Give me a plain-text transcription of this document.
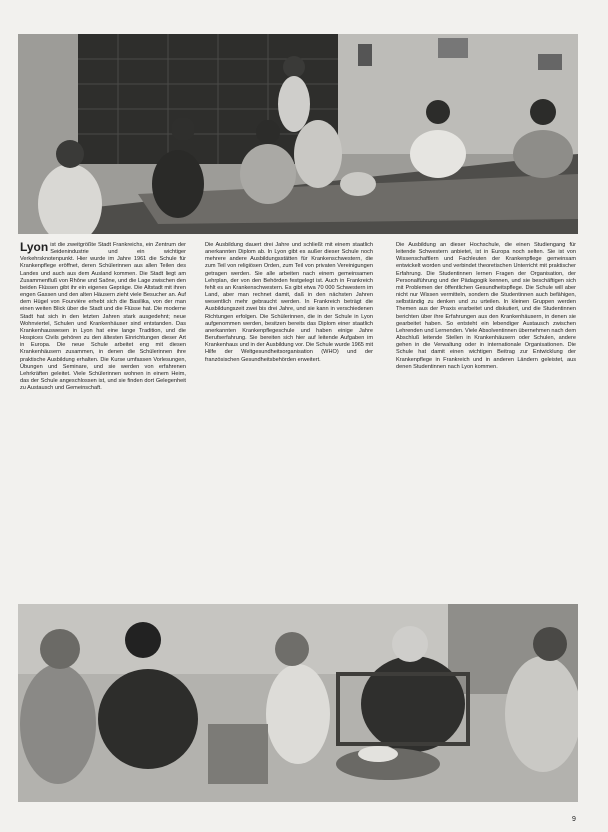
Lyon ist die zweitgrößte Stadt Frankreichs, ein Zentrum der Seidenindustrie und ein wichtiger Verkehrsknotenpunkt. Hier wurde im Jahre 1961 die Schule für Krankenpflege eröffnet, deren Schülerinnen aus allen Teilen des Landes und auch aus dem Ausland kommen. Die Stadt liegt am Zusammenfluß von Rhône und Saône, und die Lage zwischen den beiden Flüssen gibt ihr ein eigenes Gepräge. Die Altstadt mit ihren engen Gassen und den alten Häusern zieht viele Besucher an. Auf dem Hügel von Fourvière erhebt sich die Basilika, von der man einen weiten Blick über die Stadt und die Flüsse hat. Die moderne Stadt hat sich in den letzten Jahren stark ausgedehnt; neue Wohnviertel, Schulen und Krankenhäuser sind entstanden. Das Krankenhauswesen in Lyon hat eine lange Tradition, und die Hospices Civils gehören zu den ältesten Einrichtungen dieser Art in Europa. Die neue Schule arbeitet eng mit diesen Krankenhäusern zusammen, in denen die Schülerinnen ihre praktische Ausbildung erhalten. Die Kurse umfassen Vorlesungen, Übungen und Seminare, und sie werden von erfahrenen Lehrkräften geleitet. Viele Schülerinnen wohnen in einem Heim, das der Schule angeschlossen ist, und sie finden dort Gelegenheit zu Austausch und Gemeinschaft.

Die Ausbildung dauert drei Jahre und schließt mit einem staatlich anerkannten Diplom ab. In Lyon gibt es außer dieser Schule noch mehrere andere Ausbildungsstätten für Krankenschwestern, die zum Teil von religiösen Orden, zum Teil von privaten Vereinigungen getragen werden. Sie alle arbeiten nach einem gemeinsamen Lehrplan, der von den Behörden festgelegt ist. Auch in Frankreich fehlt es an Krankenschwestern. Es gibt etwa 70 000 Schwestern im Land, aber man rechnet damit, daß in den nächsten Jahren wesentlich mehr gebraucht werden. In Frankreich beträgt die Ausbildungszeit zwei bis drei Jahre, und sie kann in verschiedenen Richtungen erfolgen. Die Schülerinnen, die in der Schule in Lyon aufgenommen werden, besitzen bereits das Diplom einer staatlich anerkannten Krankenpflegeschule und haben einige Jahre Berufserfahrung. Sie bereiten sich hier auf leitende Aufgaben im Krankenhaus und in der Ausbildung vor. Die Schule wurde 1965 mit Hilfe der Weltgesundheitsorganisation (WHO) und der französischen Gesundheitsbehörden erweitert.

Die Ausbildung an dieser Hochschule, die einen Studiengang für leitende Schwestern anbietet, ist in Europa noch selten. Sie ist von Wissenschaftlern und Fachleuten der Krankenpflege gemeinsam entwickelt worden und verbindet theoretischen Unterricht mit praktischer Erfahrung. Die Studentinnen lernen Fragen der Organisation, der Personalführung und der Pädagogik kennen, und sie beschäftigen sich mit Problemen der öffentlichen Gesundheitspflege. Die Schule will aber nicht nur Wissen vermitteln, sondern die Studentinnen auch befähigen, selbständig zu denken und zu urteilen. In kleinen Gruppen werden Themen aus der Praxis erarbeitet und diskutiert, und die Studentinnen berichten über ihre Erfahrungen aus den Krankenhäusern, in denen sie gearbeitet haben. So entsteht ein lebendiger Austausch zwischen Lehrenden und Lernenden. Viele Absolventinnen übernehmen nach dem Abschluß leitende Stellen in Krankenhäusern oder Schulen, andere gehen in die Verwaltung oder in internationale Organisationen. Die Schule hat damit einen wichtigen Beitrag zur Entwicklung der Krankenpflege in Frankreich und in anderen Ländern geleistet, aus denen Studentinnen nach Lyon kommen.

9
